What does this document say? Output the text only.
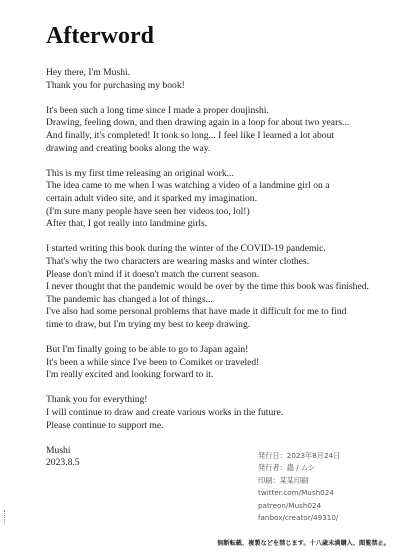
Afterword

Hey there, I'm Mushi.
Thank you for purchasing my book!

It's been such a long time since I made a proper doujinshi.
Drawing, feeling down, and then drawing again in a loop for about two years...
And finally, it's completed! It took so long... I feel like I learned a lot about
drawing and creating books along the way.

This is my first time releasing an original work...
The idea came to me when I was watching a video of a landmine girl on a
certain adult video site, and it sparked my imagination.
(I'm sure many people have seen her videos too, lol!)
After that, I got really into landmine girls.

I started writing this book during the winter of the COVID-19 pandemic.
That's why the two characters are wearing masks and winter clothes.
Please don't mind if it doesn't match the current season.
I never thought that the pandemic would be over by the time this book was finished.
The pandemic has changed a lot of things...
I've also had some personal problems that have made it difficult for me to find
time to draw, but I'm trying my best to keep drawing.

But I'm finally going to be able to go to Japan again!
It's been a while since I've been to Comiket or traveled!
I'm really excited and looking forward to it.

Thank you for everything!
I will continue to draw and create various works in the future.
Please continue to support me.

Mushi
2023.8.5

発行日：2023年8月24日
発行者：蟲 / ムシ
印刷：某某印刷
twitter.com/Mush024
patreon/Mush024
fanbox/creator/49310/
無断転載、複製などを禁じます。十八歳未満購入、閲覧禁止。
